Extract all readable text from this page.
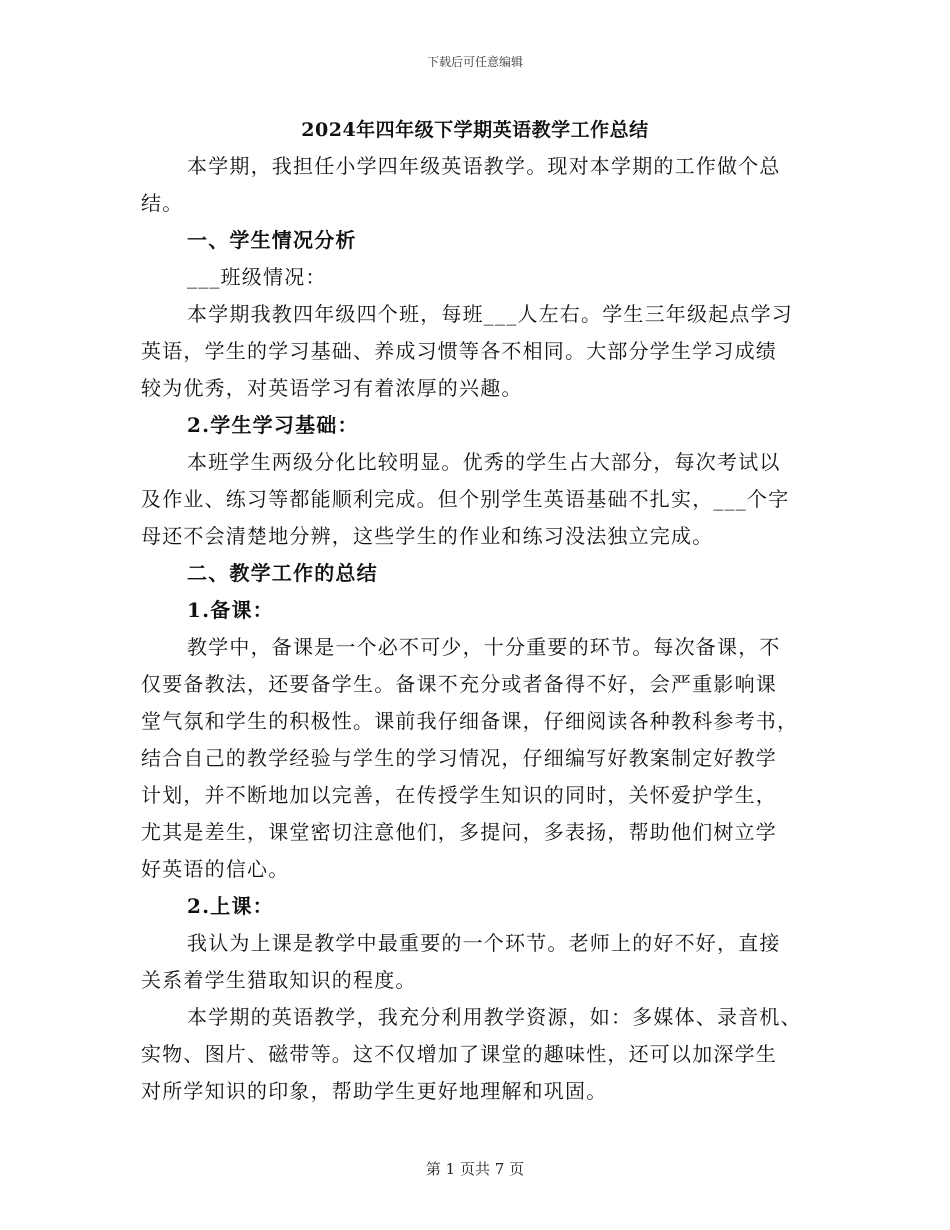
下载后可任意编辑
2024年四年级下学期英语教学工作总结
本学期，我担任小学四年级英语教学。现对本学期的工作做个总
结。
一、学生情况分析
___班级情况：
本学期我教四年级四个班，每班___人左右。学生三年级起点学习
英语，学生的学习基础、养成习惯等各不相同。大部分学生学习成绩
较为优秀，对英语学习有着浓厚的兴趣。
2.学生学习基础：
本班学生两级分化比较明显。优秀的学生占大部分，每次考试以
及作业、练习等都能顺利完成。但个别学生英语基础不扎实，___个字
母还不会清楚地分辨，这些学生的作业和练习没法独立完成。
二、教学工作的总结
1.备课：
教学中，备课是一个必不可少，十分重要的环节。每次备课，不
仅要备教法，还要备学生。备课不充分或者备得不好，会严重影响课
堂气氛和学生的积极性。课前我仔细备课，仔细阅读各种教科参考书，
结合自己的教学经验与学生的学习情况，仔细编写好教案制定好教学
计划，并不断地加以完善，在传授学生知识的同时，关怀爱护学生，
尤其是差生，课堂密切注意他们，多提问，多表扬，帮助他们树立学
好英语的信心。
2.上课：
我认为上课是教学中最重要的一个环节。老师上的好不好，直接
关系着学生猎取知识的程度。
本学期的英语教学，我充分利用教学资源，如：多媒体、录音机、
实物、图片、磁带等。这不仅增加了课堂的趣味性，还可以加深学生
对所学知识的印象，帮助学生更好地理解和巩固。
第 1 页共 7 页
